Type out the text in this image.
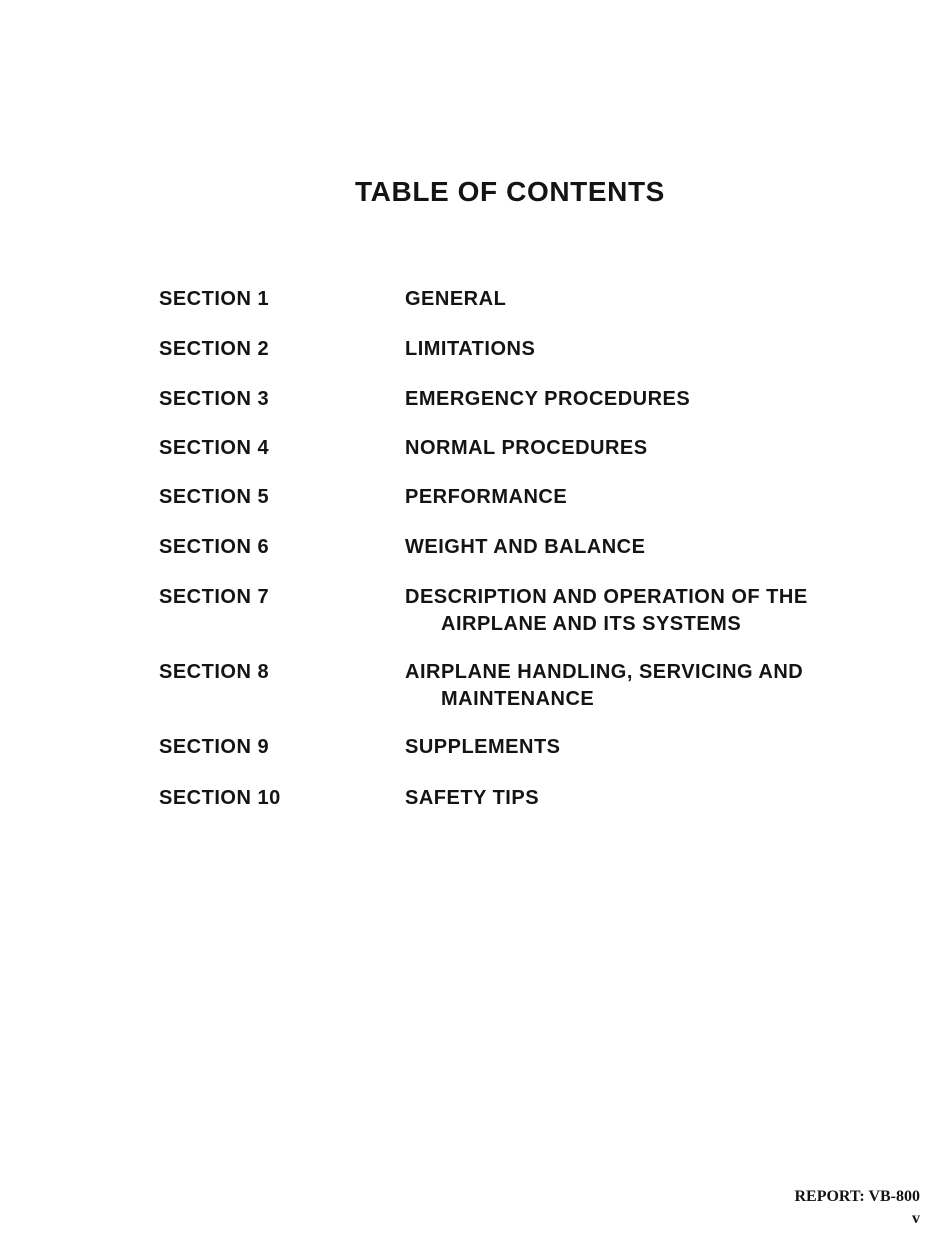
TABLE OF CONTENTS
SECTION 1	GENERAL
SECTION 2	LIMITATIONS
SECTION 3	EMERGENCY PROCEDURES
SECTION 4	NORMAL PROCEDURES
SECTION 5	PERFORMANCE
SECTION 6	WEIGHT AND BALANCE
SECTION 7	DESCRIPTION AND OPERATION OF THE
AIRPLANE AND ITS SYSTEMS
SECTION 8	AIRPLANE HANDLING, SERVICING AND
MAINTENANCE
SECTION 9	SUPPLEMENTS
SECTION 10	SAFETY TIPS
REPORT: VB-800
v
